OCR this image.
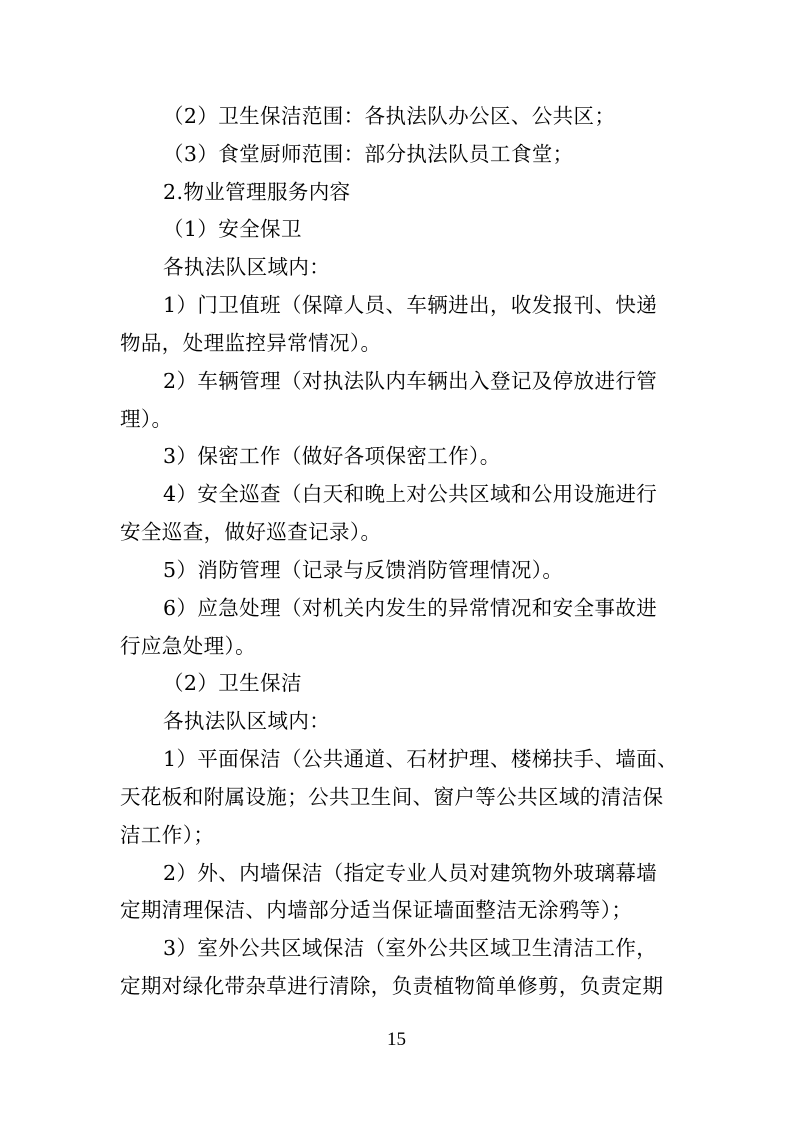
（2）卫生保洁范围：各执法队办公区、公共区；
（3）食堂厨师范围：部分执法队员工食堂；
2.物业管理服务内容
（1）安全保卫
各执法队区域内：
1）门卫值班（保障人员、车辆进出，收发报刊、快递
物品，处理监控异常情况）。
2）车辆管理（对执法队内车辆出入登记及停放进行管
理）。
3）保密工作（做好各项保密工作）。
4）安全巡查（白天和晚上对公共区域和公用设施进行
安全巡查，做好巡查记录）。
5）消防管理（记录与反馈消防管理情况）。
6）应急处理（对机关内发生的异常情况和安全事故进
行应急处理）。
（2）卫生保洁
各执法队区域内：
1）平面保洁（公共通道、石材护理、楼梯扶手、墙面、
天花板和附属设施；公共卫生间、窗户等公共区域的清洁保
洁工作）；
2）外、内墙保洁（指定专业人员对建筑物外玻璃幕墙
定期清理保洁、内墙部分适当保证墙面整洁无涂鸦等）；
3）室外公共区域保洁（室外公共区域卫生清洁工作，
定期对绿化带杂草进行清除，负责植物简单修剪，负责定期
15
